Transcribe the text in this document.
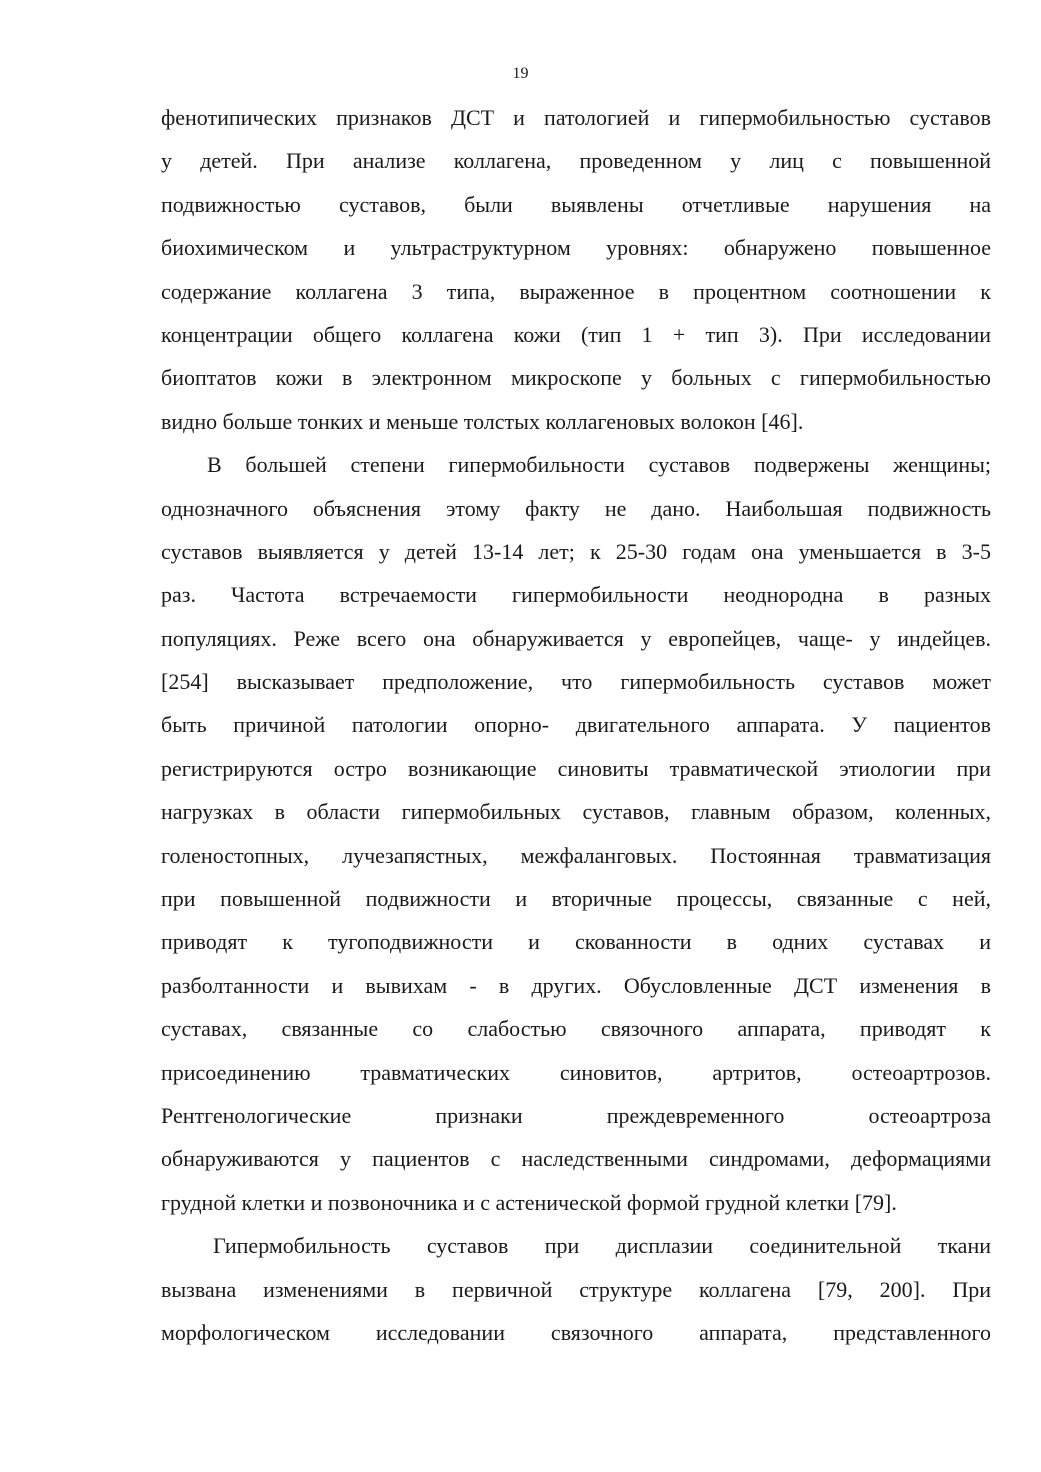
19
фенотипических признаков ДСТ и патологией и гипермобильностью суставов
у детей. При анализе коллагена, проведенном у лиц с повышенной
подвижностью суставов, были выявлены отчетливые нарушения на
биохимическом и ультраструктурном уровнях: обнаружено повышенное
содержание коллагена 3 типа, выраженное в процентном соотношении к
концентрации общего коллагена кожи (тип 1 + тип 3). При исследовании
биоптатов кожи в электронном микроскопе у больных с гипермобильностью
видно больше тонких и меньше толстых коллагеновых волокон [46].
В большей степени гипермобильности суставов подвержены женщины;
однозначного объяснения этому факту не дано. Наибольшая подвижность
суставов выявляется у детей 13-14 лет; к 25-30 годам она уменьшается в 3-5
раз. Частота встречаемости гипермобильности неоднородна в разных
популяциях. Реже всего она обнаруживается у европейцев, чаще- у индейцев.
[254] высказывает предположение, что гипермобильность суставов может
быть причиной патологии опорно- двигательного аппарата. У пациентов
регистрируются остро возникающие синовиты травматической этиологии при
нагрузках в области гипермобильных суставов, главным образом, коленных,
голеностопных, лучезапястных, межфаланговых. Постоянная травматизация
при повышенной подвижности и вторичные процессы, связанные с ней,
приводят к тугоподвижности и скованности в одних суставах и
разболтанности и вывихам - в других. Обусловленные ДСТ изменения в
суставах, связанные со слабостью связочного аппарата, приводят к
присоединению травматических синовитов, артритов, остеоартрозов.
Рентгенологические признаки преждевременного остеоартроза
обнаруживаются у пациентов с наследственными синдромами, деформациями
грудной клетки и позвоночника и с астенической формой грудной клетки [79].
Гипермобильность суставов при дисплазии соединительной ткани
вызвана изменениями в первичной структуре коллагена [79, 200]. При
морфологическом исследовании связочного аппарата, представленного
